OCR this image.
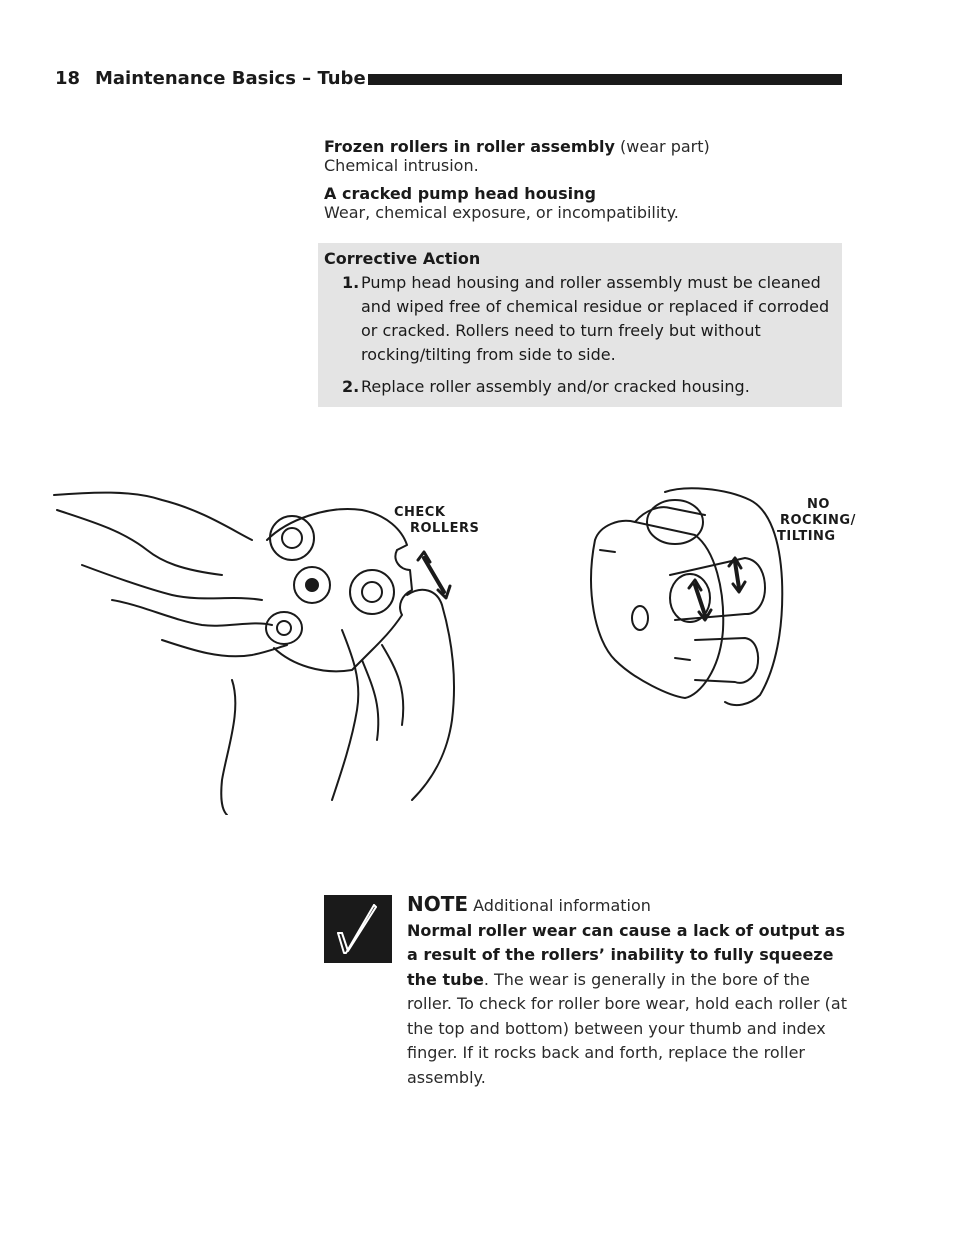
18 Maintenance Basics – Tube
Frozen rollers in roller assembly (wear part)
Chemical intrusion.
A cracked pump head housing
Wear, chemical exposure, or incompatibility.
Corrective Action
1. Pump head housing and roller assembly must be cleaned and wiped free of chemical residue or replaced if corroded or cracked. Rollers need to turn freely but without rocking/tilting from side to side.
2. Replace roller assembly and/or cracked housing.
CHECK
ROLLERS
NO
ROCKING/
TILTING
NOTE Additional information
Normal roller wear can cause a lack of output as a result of the rollers’ inability to fully squeeze the tube. The wear is generally in the bore of the roller. To check for roller bore wear, hold each roller (at the top and bottom) between your thumb and index finger. If it rocks back and forth, replace the roller assembly.
